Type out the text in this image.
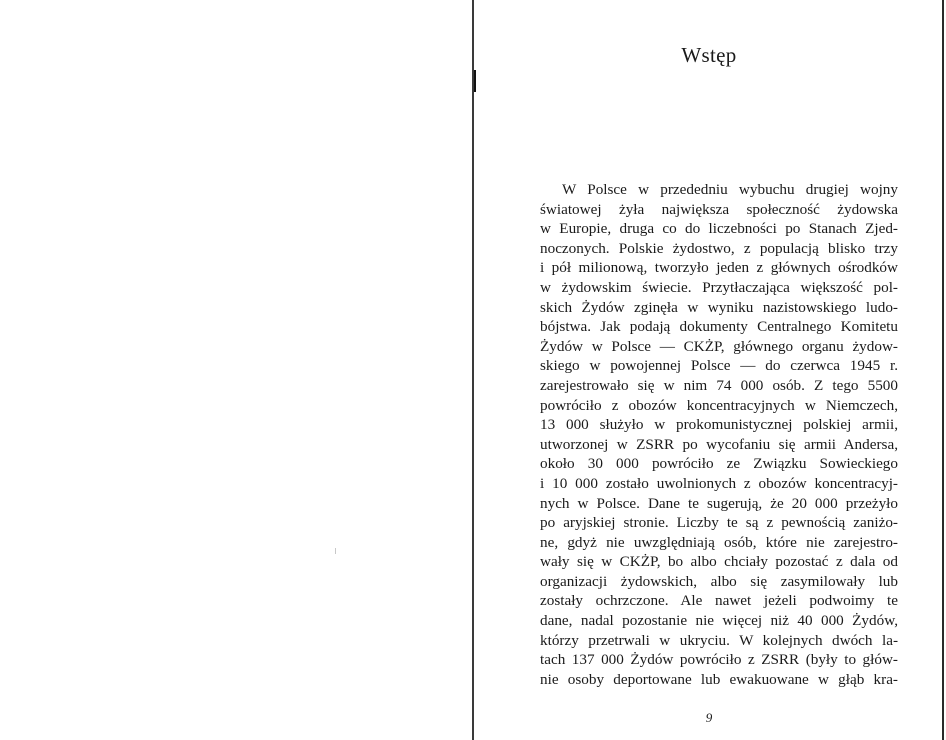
Wstęp
W Polsce w przededniu wybuchu drugiej wojny
światowej żyła największa społeczność żydowska
w Europie, druga co do liczebności po Stanach Zjed-
noczonych. Polskie żydostwo, z populacją blisko trzy
i pół milionową, tworzyło jeden z głównych ośrodków
w żydowskim świecie. Przytłaczająca większość pol-
skich Żydów zginęła w wyniku nazistowskiego ludo-
bójstwa. Jak podają dokumenty Centralnego Komitetu
Żydów w Polsce — CKŻP, głównego organu żydow-
skiego w powojennej Polsce — do czerwca 1945 r.
zarejestrowało się w nim 74 000 osób. Z tego 5500
powróciło z obozów koncentracyjnych w Niemczech,
13 000 służyło w prokomunistycznej polskiej armii,
utworzonej w ZSRR po wycofaniu się armii Andersa,
około 30 000 powróciło ze Związku Sowieckiego
i 10 000 zostało uwolnionych z obozów koncentracyj-
nych w Polsce. Dane te sugerują, że 20 000 przeżyło
po aryjskiej stronie. Liczby te są z pewnością zaniżo-
ne, gdyż nie uwzględniają osób, które nie zarejestro-
wały się w CKŻP, bo albo chciały pozostać z dala od
organizacji żydowskich, albo się zasymilowały lub
zostały ochrzczone. Ale nawet jeżeli podwoimy te
dane, nadal pozostanie nie więcej niż 40 000 Żydów,
którzy przetrwali w ukryciu. W kolejnych dwóch la-
tach 137 000 Żydów powróciło z ZSRR (były to głów-
nie osoby deportowane lub ewakuowane w głąb kra-
9
